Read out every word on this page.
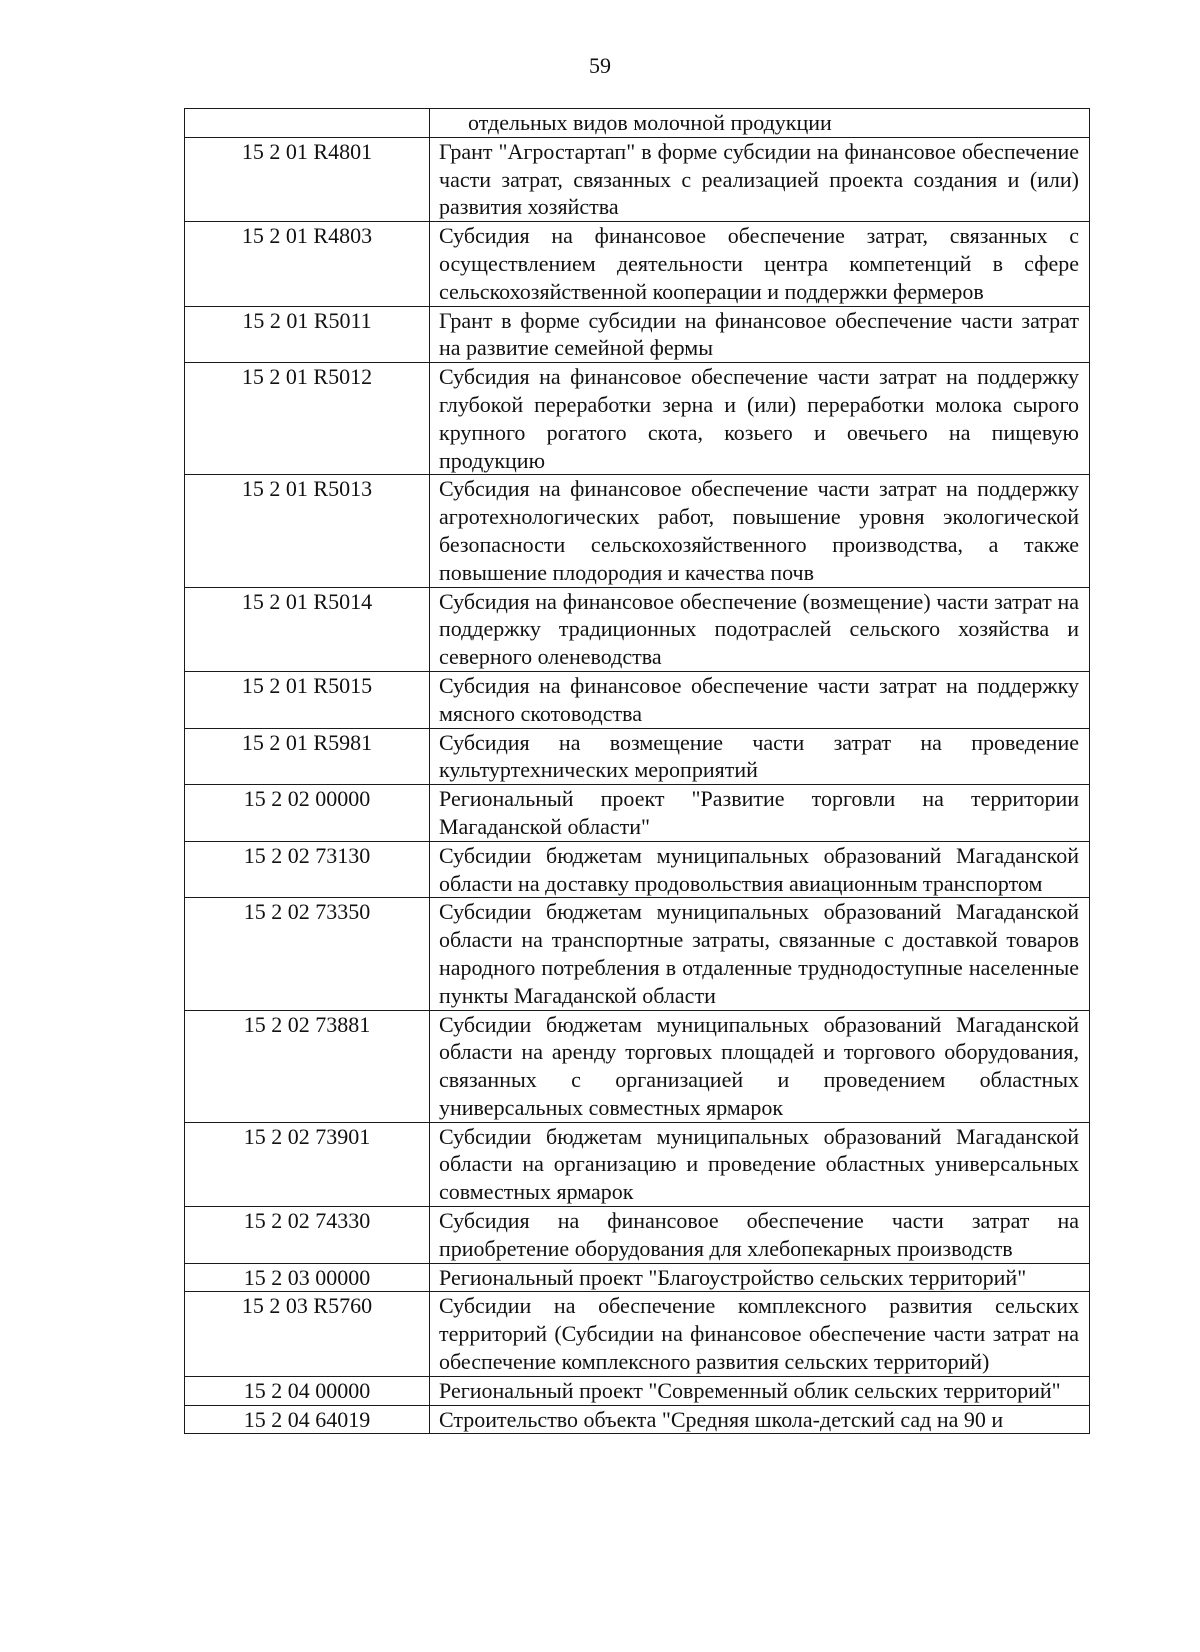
59
	отдельных видов молочной продукции
15 2 01 R4801	Грант "Агростартап" в форме субсидии на финансовое обеспечение части затрат, связанных с реализацией проекта создания и (или) развития хозяйства
15 2 01 R4803	Субсидия на финансовое обеспечение затрат, связанных с осуществлением деятельности центра компетенций в сфере сельскохозяйственной кооперации и поддержки фермеров
15 2 01 R5011	Грант в форме субсидии на финансовое обеспечение части затрат на развитие семейной фермы
15 2 01 R5012	Субсидия на финансовое обеспечение части затрат на поддержку глубокой переработки зерна и (или) переработки молока сырого крупного рогатого скота, козьего и овечьего на пищевую продукцию
15 2 01 R5013	Субсидия на финансовое обеспечение части затрат на поддержку агротехнологических работ, повышение уровня экологической безопасности сельскохозяйственного производства, а также повышение плодородия и качества почв
15 2 01 R5014	Субсидия на финансовое обеспечение (возмещение) части затрат на поддержку традиционных подотраслей сельского хозяйства и северного оленеводства
15 2 01 R5015	Субсидия на финансовое обеспечение части затрат на поддержку мясного скотоводства
15 2 01 R5981	Субсидия на возмещение части затрат на проведение культуртехнических мероприятий
15 2 02 00000	Региональный проект "Развитие торговли на территории Магаданской области"
15 2 02 73130	Субсидии бюджетам муниципальных образований Магаданской области на доставку продовольствия авиационным транспортом
15 2 02 73350	Субсидии бюджетам муниципальных образований Магаданской области на транспортные затраты, связанные с доставкой товаров народного потребления в отдаленные труднодоступные населенные пункты Магаданской области
15 2 02 73881	Субсидии бюджетам муниципальных образований Магаданской области на аренду торговых площадей и торгового оборудования, связанных с организацией и проведением областных универсальных совместных ярмарок
15 2 02 73901	Субсидии бюджетам муниципальных образований Магаданской области на организацию и проведение областных универсальных совместных ярмарок
15 2 02 74330	Субсидия на финансовое обеспечение части затрат на приобретение оборудования для хлебопекарных производств
15 2 03 00000	Региональный проект "Благоустройство сельских территорий"
15 2 03 R5760	Субсидии на обеспечение комплексного развития сельских территорий (Субсидии на финансовое обеспечение части затрат на обеспечение комплексного развития сельских территорий)
15 2 04 00000	Региональный проект "Современный облик сельских территорий"
15 2 04 64019	Строительство объекта "Средняя школа-детский сад на 90 и
